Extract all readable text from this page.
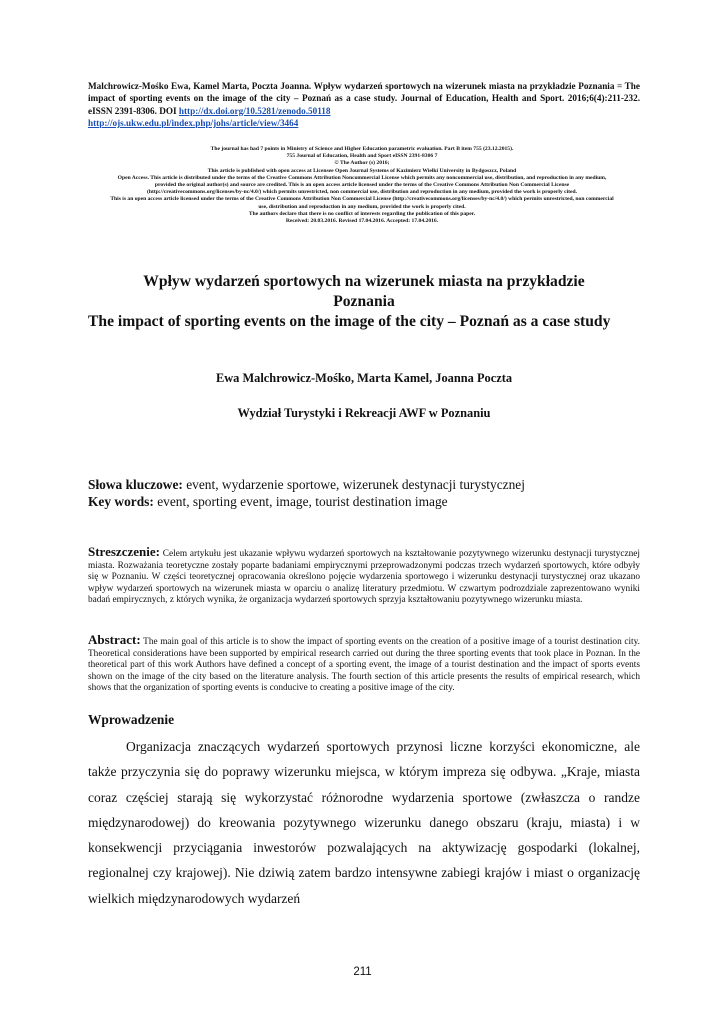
Malchrowicz-Mośko Ewa, Kamel Marta, Poczta Joanna. Wpływ wydarzeń sportowych na wizerunek miasta na przykładzie Poznania = The impact of sporting events on the image of the city – Poznań as a case study. Journal of Education, Health and Sport. 2016;6(4):211-232. eISSN 2391-8306. DOI http://dx.doi.org/10.5281/zenodo.50118
http://ojs.ukw.edu.pl/index.php/johs/article/view/3464
The journal has had 7 points in Ministry of Science and Higher Education parametric evaluation. Part B item 755 (23.12.2015).
755 Journal of Education, Health and Sport eISSN 2391-8306 7
© The Author (s) 2016;
This article is published with open access at Licensee Open Journal Systems of Kazimierz Wielki University in Bydgoszcz, Poland
Open Access. This article is distributed under the terms of the Creative Commons Attribution Noncommercial License which permits any noncommercial use, distribution, and reproduction in any medium,
provided the original author(s) and source are credited. This is an open access article licensed under the terms of the Creative Commons Attribution Non Commercial License
(http://creativecommons.org/licenses/by-nc/4.0/) which permits unrestricted, non commercial use, distribution and reproduction in any medium, provided the work is properly cited.
This is an open access article licensed under the terms of the Creative Commons Attribution Non Commercial License (http://creativecommons.org/licenses/by-nc/4.0/) which permits unrestricted, non commercial
use, distribution and reproduction in any medium, provided the work is properly cited.
The authors declare that there is no conflict of interests regarding the publication of this paper.
Received: 20.03.2016. Revised 17.04.2016. Accepted: 17.04.2016.
Wpływ wydarzeń sportowych na wizerunek miasta na przykładzie
Poznania
The impact of sporting events on the image of the city – Poznań as a case study
Ewa Malchrowicz-Mośko, Marta Kamel, Joanna Poczta
Wydział Turystyki i Rekreacji AWF w Poznaniu
Słowa kluczowe: event, wydarzenie sportowe, wizerunek destynacji turystycznej
Key words: event, sporting event, image, tourist destination image
Streszczenie: Celem artykułu jest ukazanie wpływu wydarzeń sportowych na kształtowanie pozytywnego wizerunku destynacji turystycznej miasta. Rozważania teoretyczne zostały poparte badaniami empirycznymi przeprowadzonymi podczas trzech wydarzeń sportowych, które odbyły się w Poznaniu. W części teoretycznej opracowania określono pojęcie wydarzenia sportowego i wizerunku destynacji turystycznej oraz ukazano wpływ wydarzeń sportowych na wizerunek miasta w oparciu o analizę literatury przedmiotu. W czwartym podrozdziale zaprezentowano wyniki badań empirycznych, z których wynika, że organizacja wydarzeń sportowych sprzyja kształtowaniu pozytywnego wizerunku miasta.
Abstract: The main goal of this article is to show the impact of sporting events on the creation of a positive image of a tourist destination city. Theoretical considerations have been supported by empirical research carried out during the three sporting events that took place in Poznan. In the theoretical part of this work Authors have defined a concept of a sporting event, the image of a tourist destination and the impact of sports events shown on the image of the city based on the literature analysis. The fourth section of this article presents the results of empirical research, which shows that the organization of sporting events is conducive to creating a positive image of the city.
Wprowadzenie
Organizacja znaczących wydarzeń sportowych przynosi liczne korzyści ekonomiczne, ale także przyczynia się do poprawy wizerunku miejsca, w którym impreza się odbywa. „Kraje, miasta coraz częściej starają się wykorzystać różnorodne wydarzenia sportowe (zwłaszcza o randze międzynarodowej) do kreowania pozytywnego wizerunku danego obszaru (kraju, miasta) i w konsekwencji przyciągania inwestorów pozwalających na aktywizację gospodarki (lokalnej, regionalnej czy krajowej). Nie dziwią zatem bardzo intensywne zabiegi krajów i miast o organizację wielkich międzynarodowych wydarzeń
211
